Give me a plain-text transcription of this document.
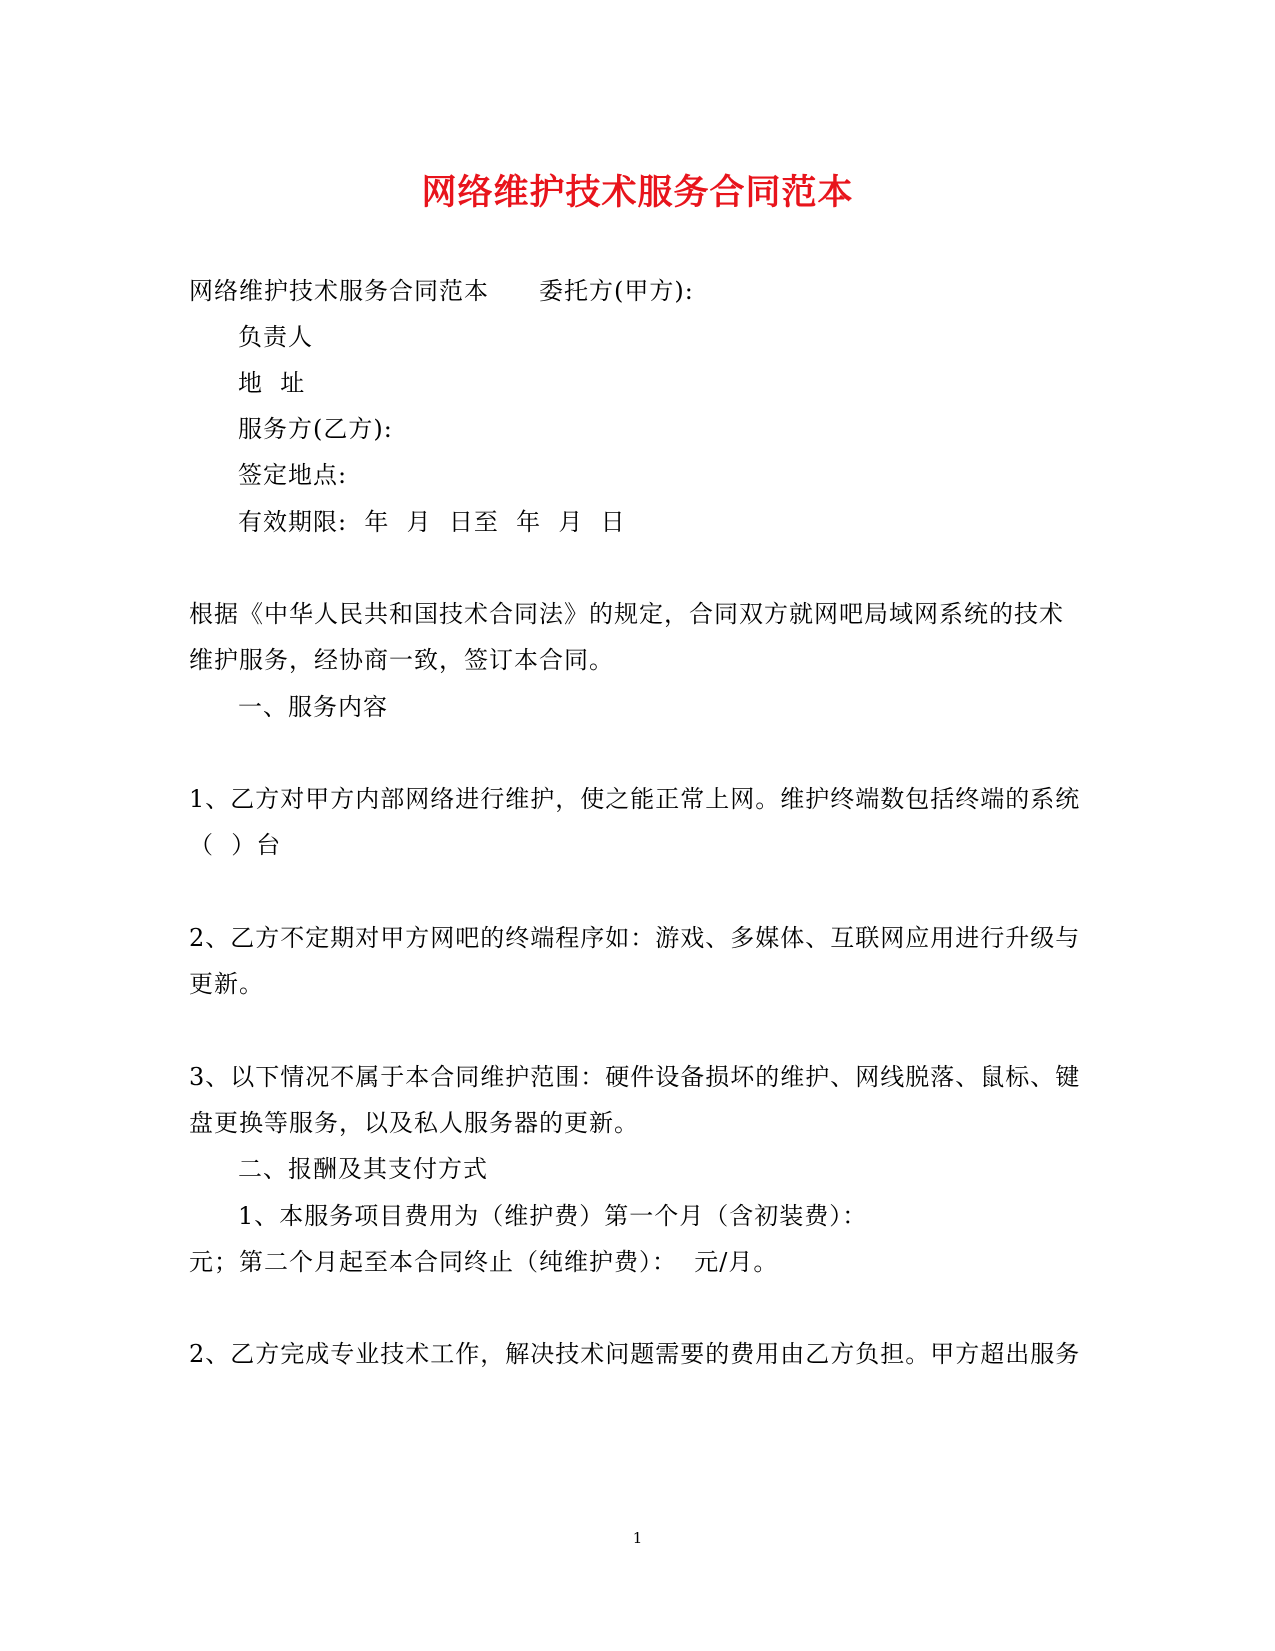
网络维护技术服务合同范本
网络维护技术服务合同范本　　委托方(甲方):
负责人
地  址
服务方(乙方):
签定地点:
有效期限:  年  月  日至  年  月  日
根据《中华人民共和国技术合同法》的规定，合同双方就网吧局域网系统的技术
维护服务，经协商一致，签订本合同。
一、服务内容
1、乙方对甲方内部网络进行维护，使之能正常上网。维护终端数包括终端的系统
（  ）台
2、乙方不定期对甲方网吧的终端程序如：游戏、多媒体、互联网应用进行升级与
更新。
3、以下情况不属于本合同维护范围：硬件设备损坏的维护、网线脱落、鼠标、键
盘更换等服务，以及私人服务器的更新。
二、报酬及其支付方式
1、本服务项目费用为（维护费）第一个月（含初装费）：
元；第二个月起至本合同终止（纯维护费）：  元/月。
2、乙方完成专业技术工作，解决技术问题需要的费用由乙方负担。甲方超出服务
1
